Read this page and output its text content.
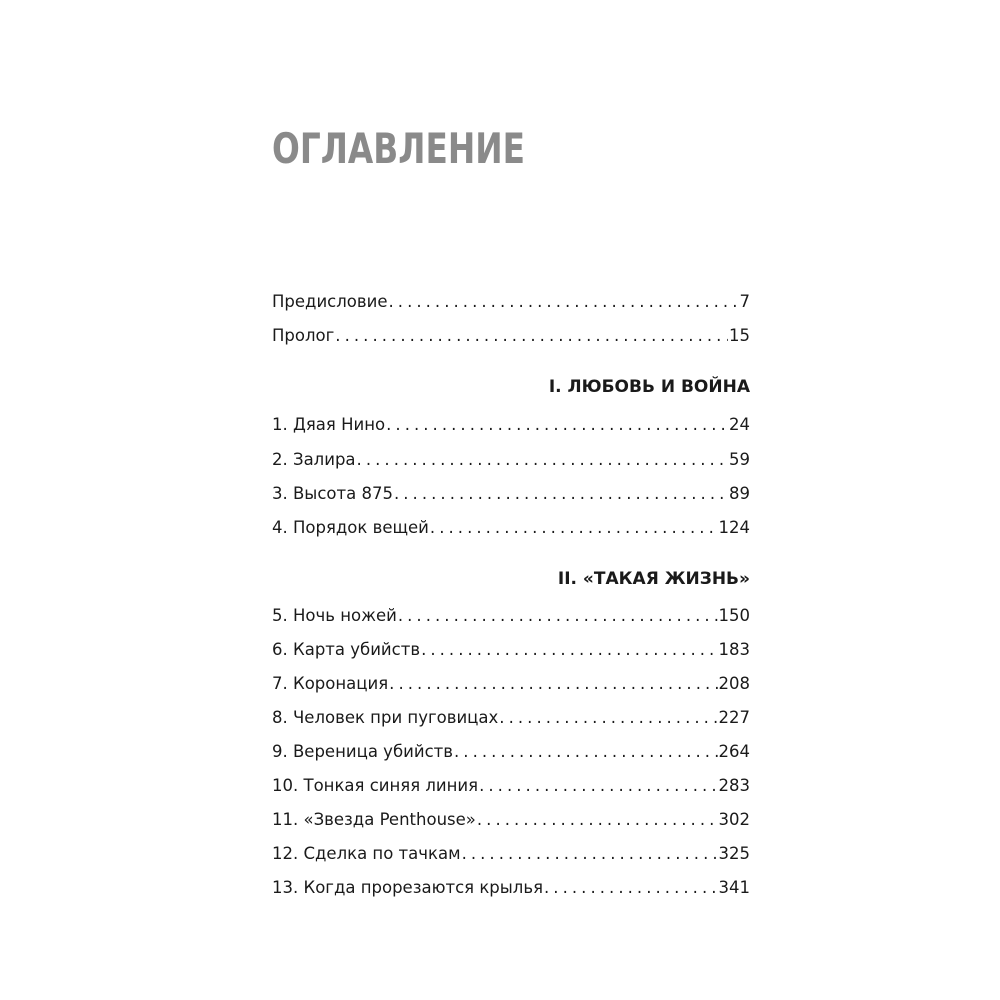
ОГЛАВЛЕНИЕ
Предисловие . . .	7
Пролог . . .	15
I. ЛЮБОВЬ И ВОЙНА
1. Дяая Нино . . .	24
2. Залира . . .	59
3. Высота 875 . . .	89
4. Порядок вещей . . .	124
II. «ТАКАЯ ЖИЗНЬ»
5. Ночь ножей . . .	150
6. Карта убийств . . .	183
7. Коронация . . .	208
8. Человек при пуговицах . . .	227
9. Вереница убийств . . .	264
10. Тонкая синяя линия . . .	283
11. «Звезда Penthouse» . . .	302
12. Сделка по тачкам . . .	325
13. Когда прорезаются крылья . . .	341
